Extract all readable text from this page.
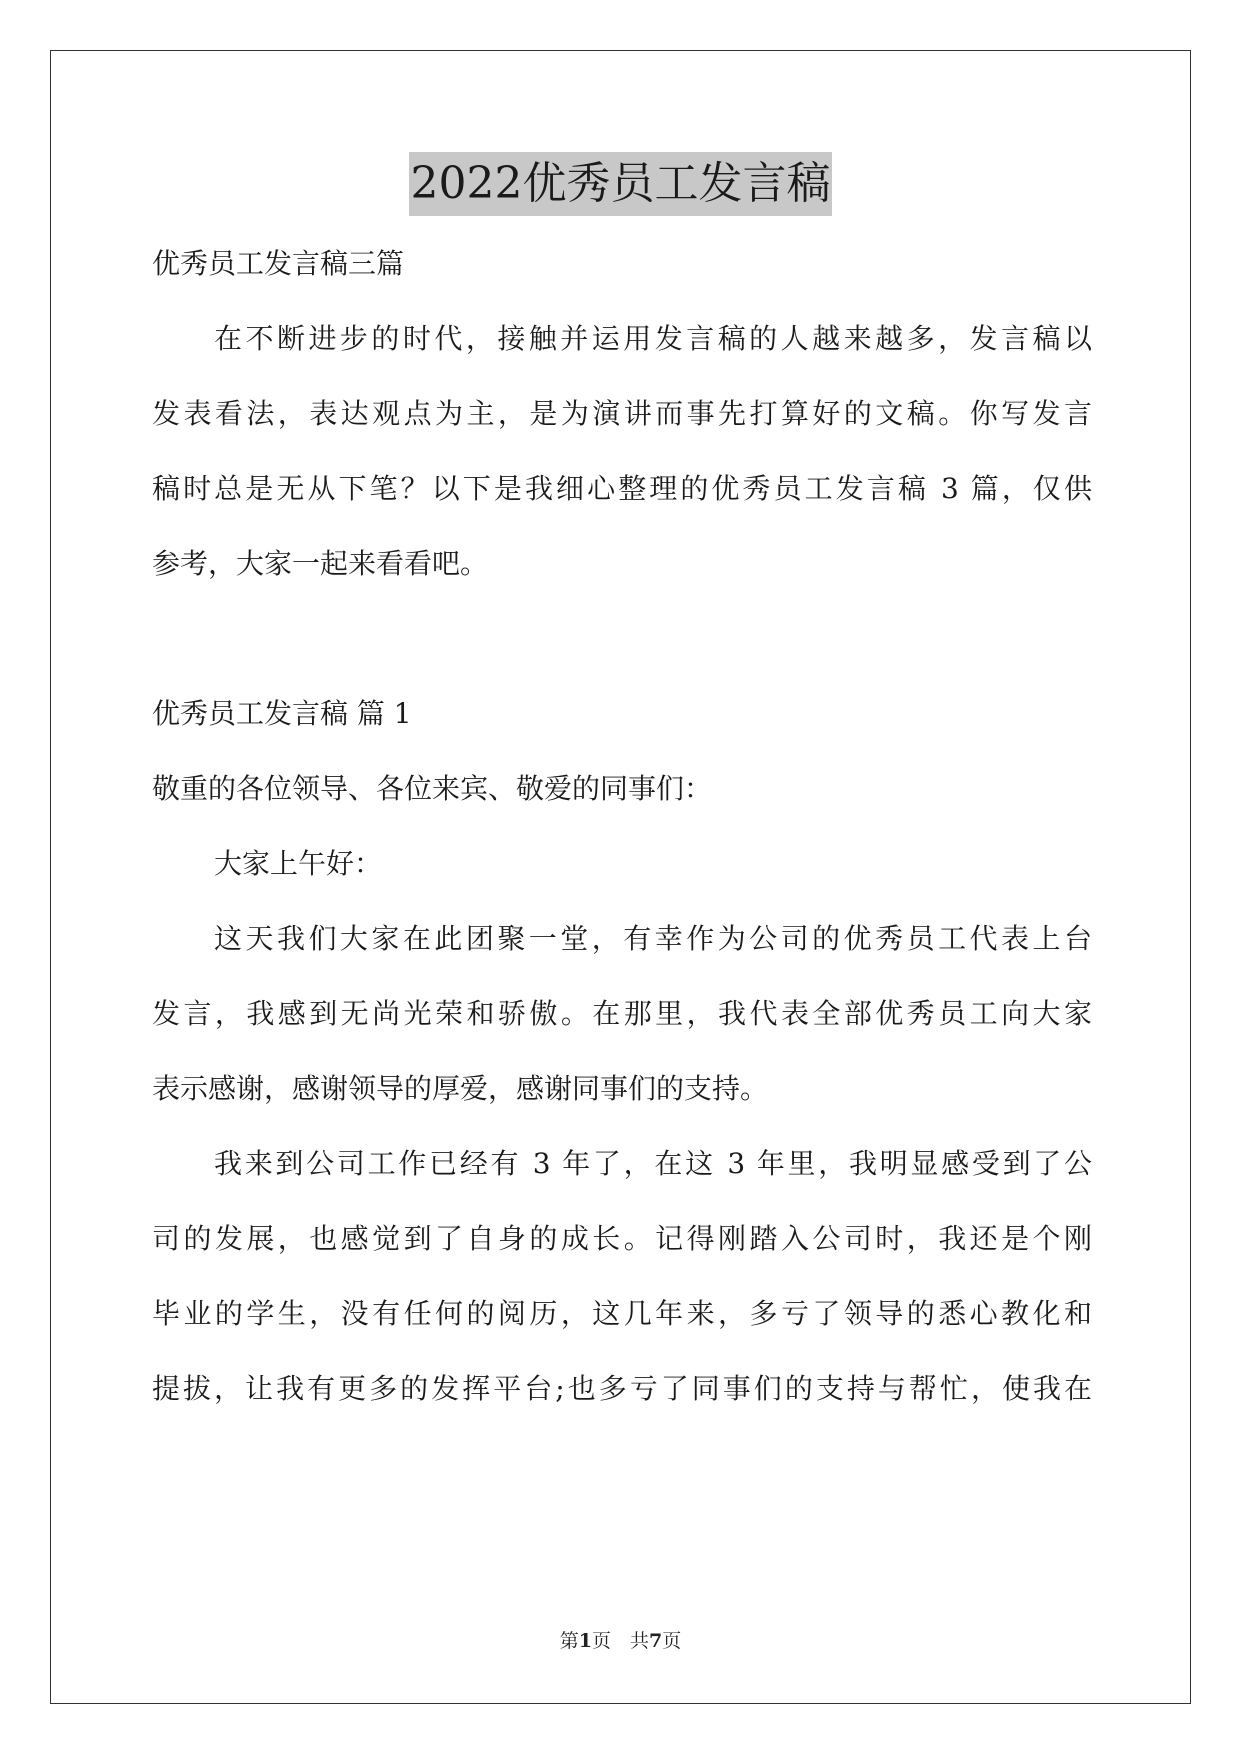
2022优秀员工发言稿
优秀员工发言稿三篇
在不断进步的时代，接触并运用发言稿的人越来越多，发言稿以
发表看法，表达观点为主，是为演讲而事先打算好的文稿。你写发言
稿时总是无从下笔？以下是我细心整理的优秀员工发言稿 3 篇，仅供
参考，大家一起来看看吧。
优秀员工发言稿 篇 1
敬重的各位领导、各位来宾、敬爱的同事们：
大家上午好：
这天我们大家在此团聚一堂，有幸作为公司的优秀员工代表上台
发言，我感到无尚光荣和骄傲。在那里，我代表全部优秀员工向大家
表示感谢，感谢领导的厚爱，感谢同事们的支持。
我来到公司工作已经有 3 年了，在这 3 年里，我明显感受到了公
司的发展，也感觉到了自身的成长。记得刚踏入公司时，我还是个刚
毕业的学生，没有任何的阅历，这几年来，多亏了领导的悉心教化和
提拔，让我有更多的发挥平台;也多亏了同事们的支持与帮忙，使我在
第1页　共7页
